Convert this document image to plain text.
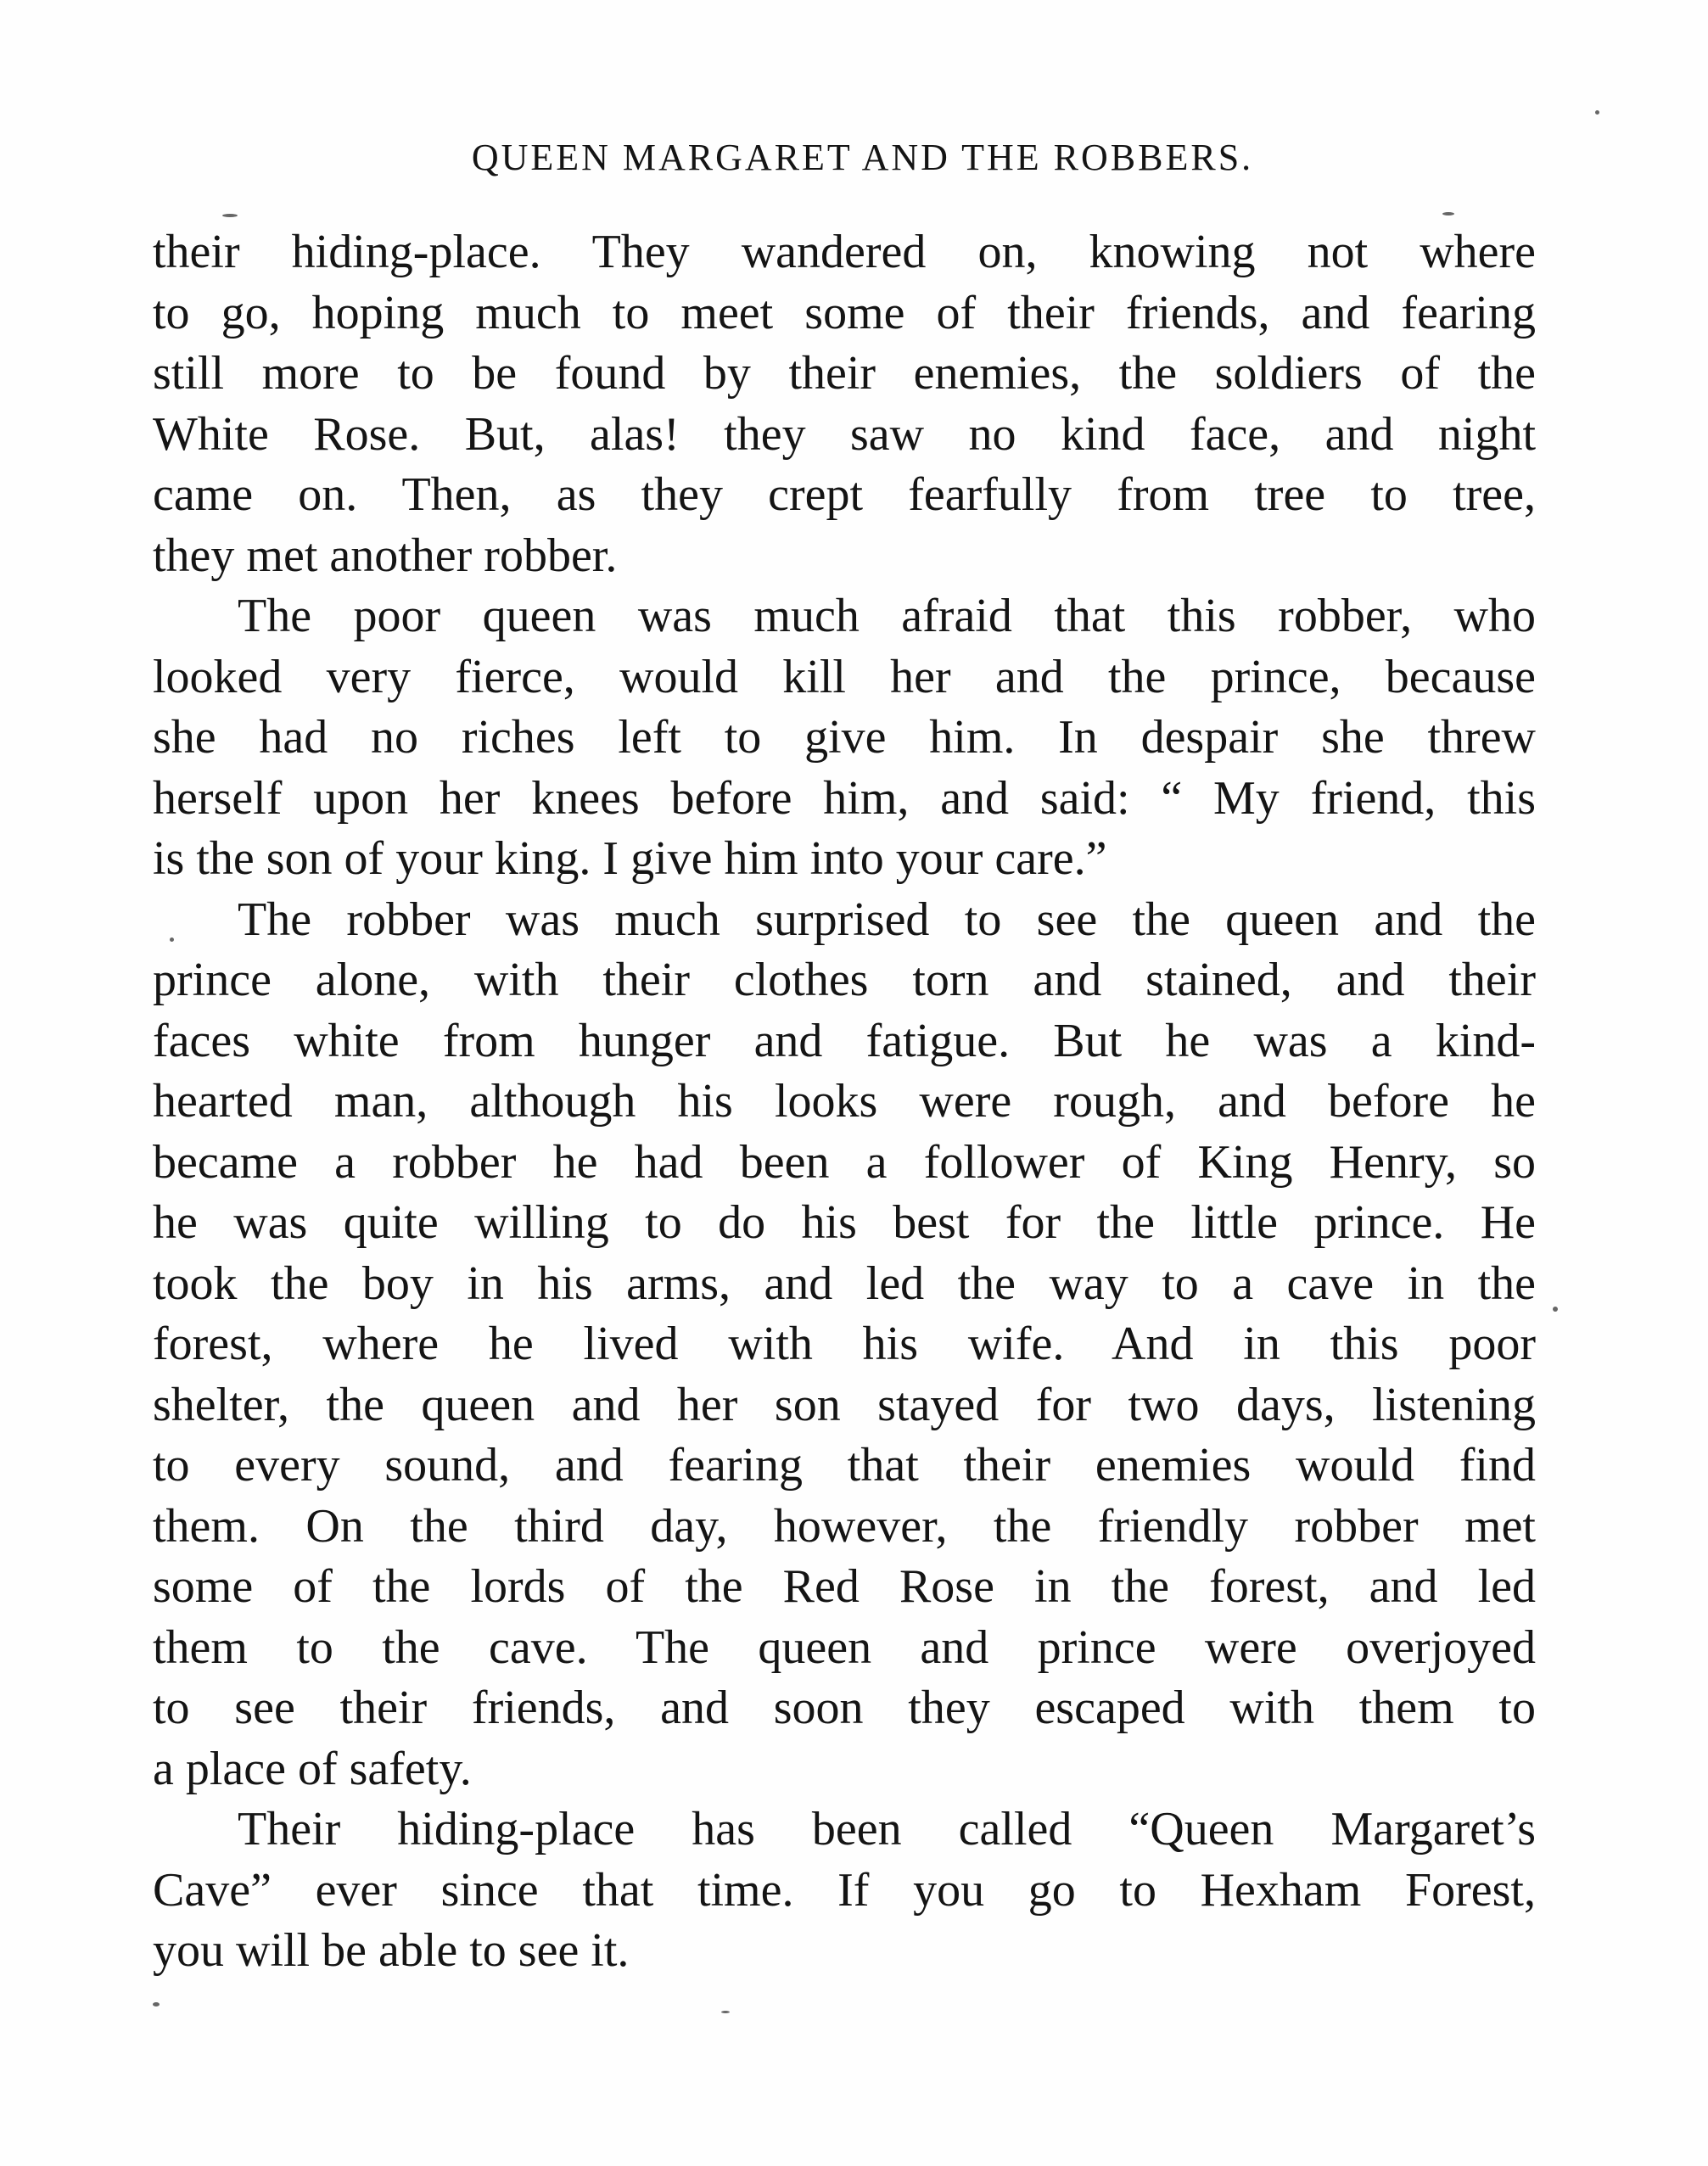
QUEEN MARGARET AND THE ROBBERS.
their hiding-place. They wandered on, knowing not where
to go, hoping much to meet some of their friends, and fearing
still more to be found by their enemies, the soldiers of the
White Rose. But, alas! they saw no kind face, and night
came on. Then, as they crept fearfully from tree to tree,
they met another robber.
The poor queen was much afraid that this robber, who
looked very fierce, would kill her and the prince, because
she had no riches left to give him. In despair she threw
herself upon her knees before him, and said: “ My friend, this
is the son of your king. I give him into your care.”
The robber was much surprised to see the queen and the
prince alone, with their clothes torn and stained, and their
faces white from hunger and fatigue. But he was a kind-
hearted man, although his looks were rough, and before he
became a robber he had been a follower of King Henry, so
he was quite willing to do his best for the little prince. He
took the boy in his arms, and led the way to a cave in the
forest, where he lived with his wife. And in this poor
shelter, the queen and her son stayed for two days, listening
to every sound, and fearing that their enemies would find
them. On the third day, however, the friendly robber met
some of the lords of the Red Rose in the forest, and led
them to the cave. The queen and prince were overjoyed
to see their friends, and soon they escaped with them to
a place of safety.
Their hiding-place has been called “Queen Margaret’s
Cave” ever since that time. If you go to Hexham Forest,
you will be able to see it.
